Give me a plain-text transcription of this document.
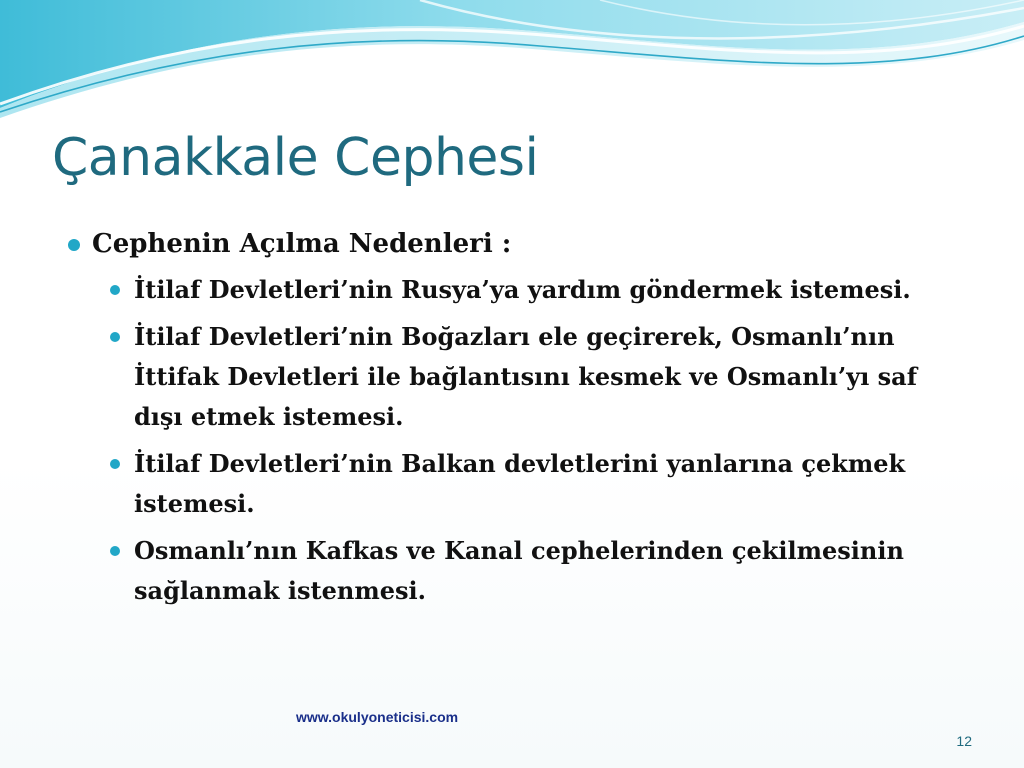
Çanakkale Cephesi
Cephenin Açılma Nedenleri :
İtilaf Devletleri’nin Rusya’ya yardım göndermek istemesi.
İtilaf Devletleri’nin Boğazları ele geçirerek, Osmanlı’nın İttifak Devletleri ile bağlantısını kesmek ve Osmanlı’yı saf dışı etmek istemesi.
İtilaf Devletleri’nin Balkan devletlerini yanlarına çekmek istemesi.
Osmanlı’nın Kafkas ve Kanal cephelerinden çekilmesinin sağlanmak istenmesi.
www.okulyoneticisi.com
12
